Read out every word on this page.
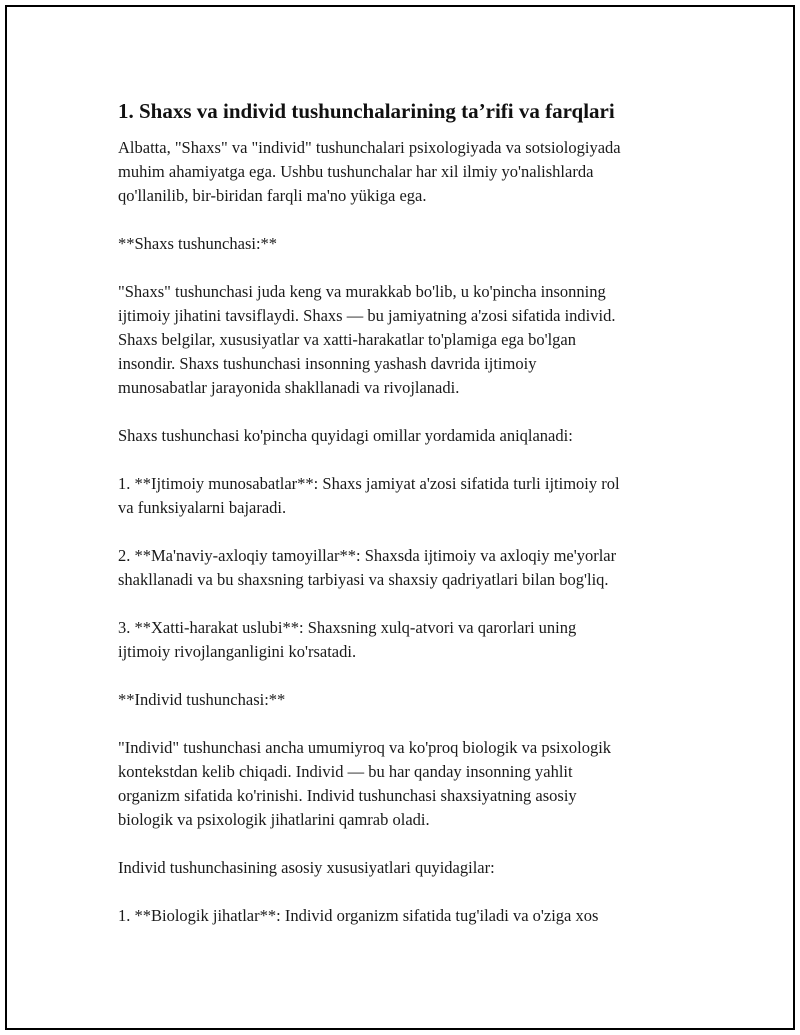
1. Shaxs va individ tushunchalarining ta’rifi va farqlari

Albatta, "Shaxs" va "individ" tushunchalari psixologiyada va sotsiologiyada
muhim ahamiyatga ega. Ushbu tushunchalar har xil ilmiy yo'nalishlarda
qo'llanilib, bir-biridan farqli ma'no yükiga ega.

**Shaxs tushunchasi:**

"Shaxs" tushunchasi juda keng va murakkab bo'lib, u ko'pincha insonning
ijtimoiy jihatini tavsiflaydi. Shaxs — bu jamiyatning a'zosi sifatida individ.
Shaxs belgilar, xususiyatlar va xatti-harakatlar to'plamiga ega bo'lgan
insondir. Shaxs tushunchasi insonning yashash davrida ijtimoiy
munosabatlar jarayonida shakllanadi va rivojlanadi.

Shaxs tushunchasi ko'pincha quyidagi omillar yordamida aniqlanadi:

1. **Ijtimoiy munosabatlar**: Shaxs jamiyat a'zosi sifatida turli ijtimoiy rol
va funksiyalarni bajaradi.

2. **Ma'naviy-axloqiy tamoyillar**: Shaxsda ijtimoiy va axloqiy me'yorlar
shakllanadi va bu shaxsning tarbiyasi va shaxsiy qadriyatlari bilan bog'liq.

3. **Xatti-harakat uslubi**: Shaxsning xulq-atvori va qarorlari uning
ijtimoiy rivojlanganligini ko'rsatadi.

**Individ tushunchasi:**

"Individ" tushunchasi ancha umumiyroq va ko'proq biologik va psixologik
kontekstdan kelib chiqadi. Individ — bu har qanday insonning yahlit
organizm sifatida ko'rinishi. Individ tushunchasi shaxsiyatning asosiy
biologik va psixologik jihatlarini qamrab oladi.

Individ tushunchasining asosiy xususiyatlari quyidagilar:

1. **Biologik jihatlar**: Individ organizm sifatida tug'iladi va o'ziga xos
